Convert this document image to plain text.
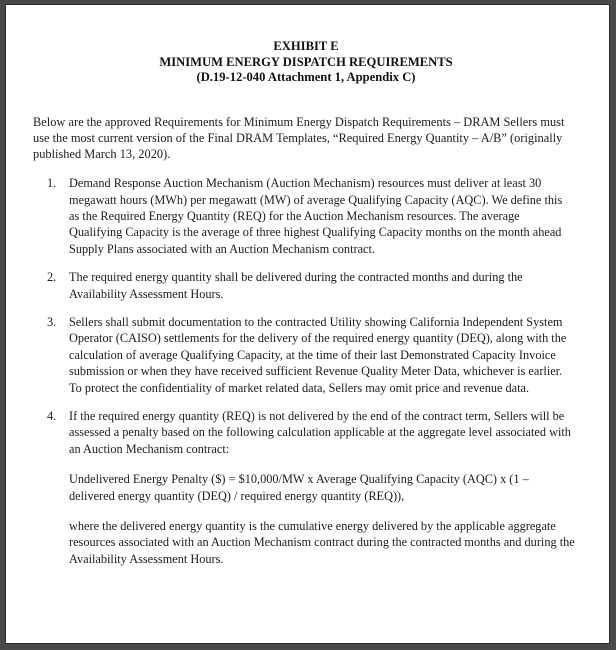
EXHIBIT E
MINIMUM ENERGY DISPATCH REQUIREMENTS
(D.19-12-040 Attachment 1, Appendix C)

Below are the approved Requirements for Minimum Energy Dispatch Requirements – DRAM Sellers must use the most current version of the Final DRAM Templates, “Required Energy Quantity – A/B” (originally published March 13, 2020).

1. Demand Response Auction Mechanism (Auction Mechanism) resources must deliver at least 30 megawatt hours (MWh) per megawatt (MW) of average Qualifying Capacity (AQC). We define this as the Required Energy Quantity (REQ) for the Auction Mechanism resources. The average Qualifying Capacity is the average of three highest Qualifying Capacity months on the month ahead Supply Plans associated with an Auction Mechanism contract.
2. The required energy quantity shall be delivered during the contracted months and during the Availability Assessment Hours.
3. Sellers shall submit documentation to the contracted Utility showing California Independent System Operator (CAISO) settlements for the delivery of the required energy quantity (DEQ), along with the calculation of average Qualifying Capacity, at the time of their last Demonstrated Capacity Invoice submission or when they have received sufficient Revenue Quality Meter Data, whichever is earlier. To protect the confidentiality of market related data, Sellers may omit price and revenue data.
4. If the required energy quantity (REQ) is not delivered by the end of the contract term, Sellers will be assessed a penalty based on the following calculation applicable at the aggregate level associated with an Auction Mechanism contract:
Undelivered Energy Penalty ($) = $10,000/MW x Average Qualifying Capacity (AQC) x (1 – delivered energy quantity (DEQ) / required energy quantity (REQ)),
where the delivered energy quantity is the cumulative energy delivered by the applicable aggregate resources associated with an Auction Mechanism contract during the contracted months and during the Availability Assessment Hours.
